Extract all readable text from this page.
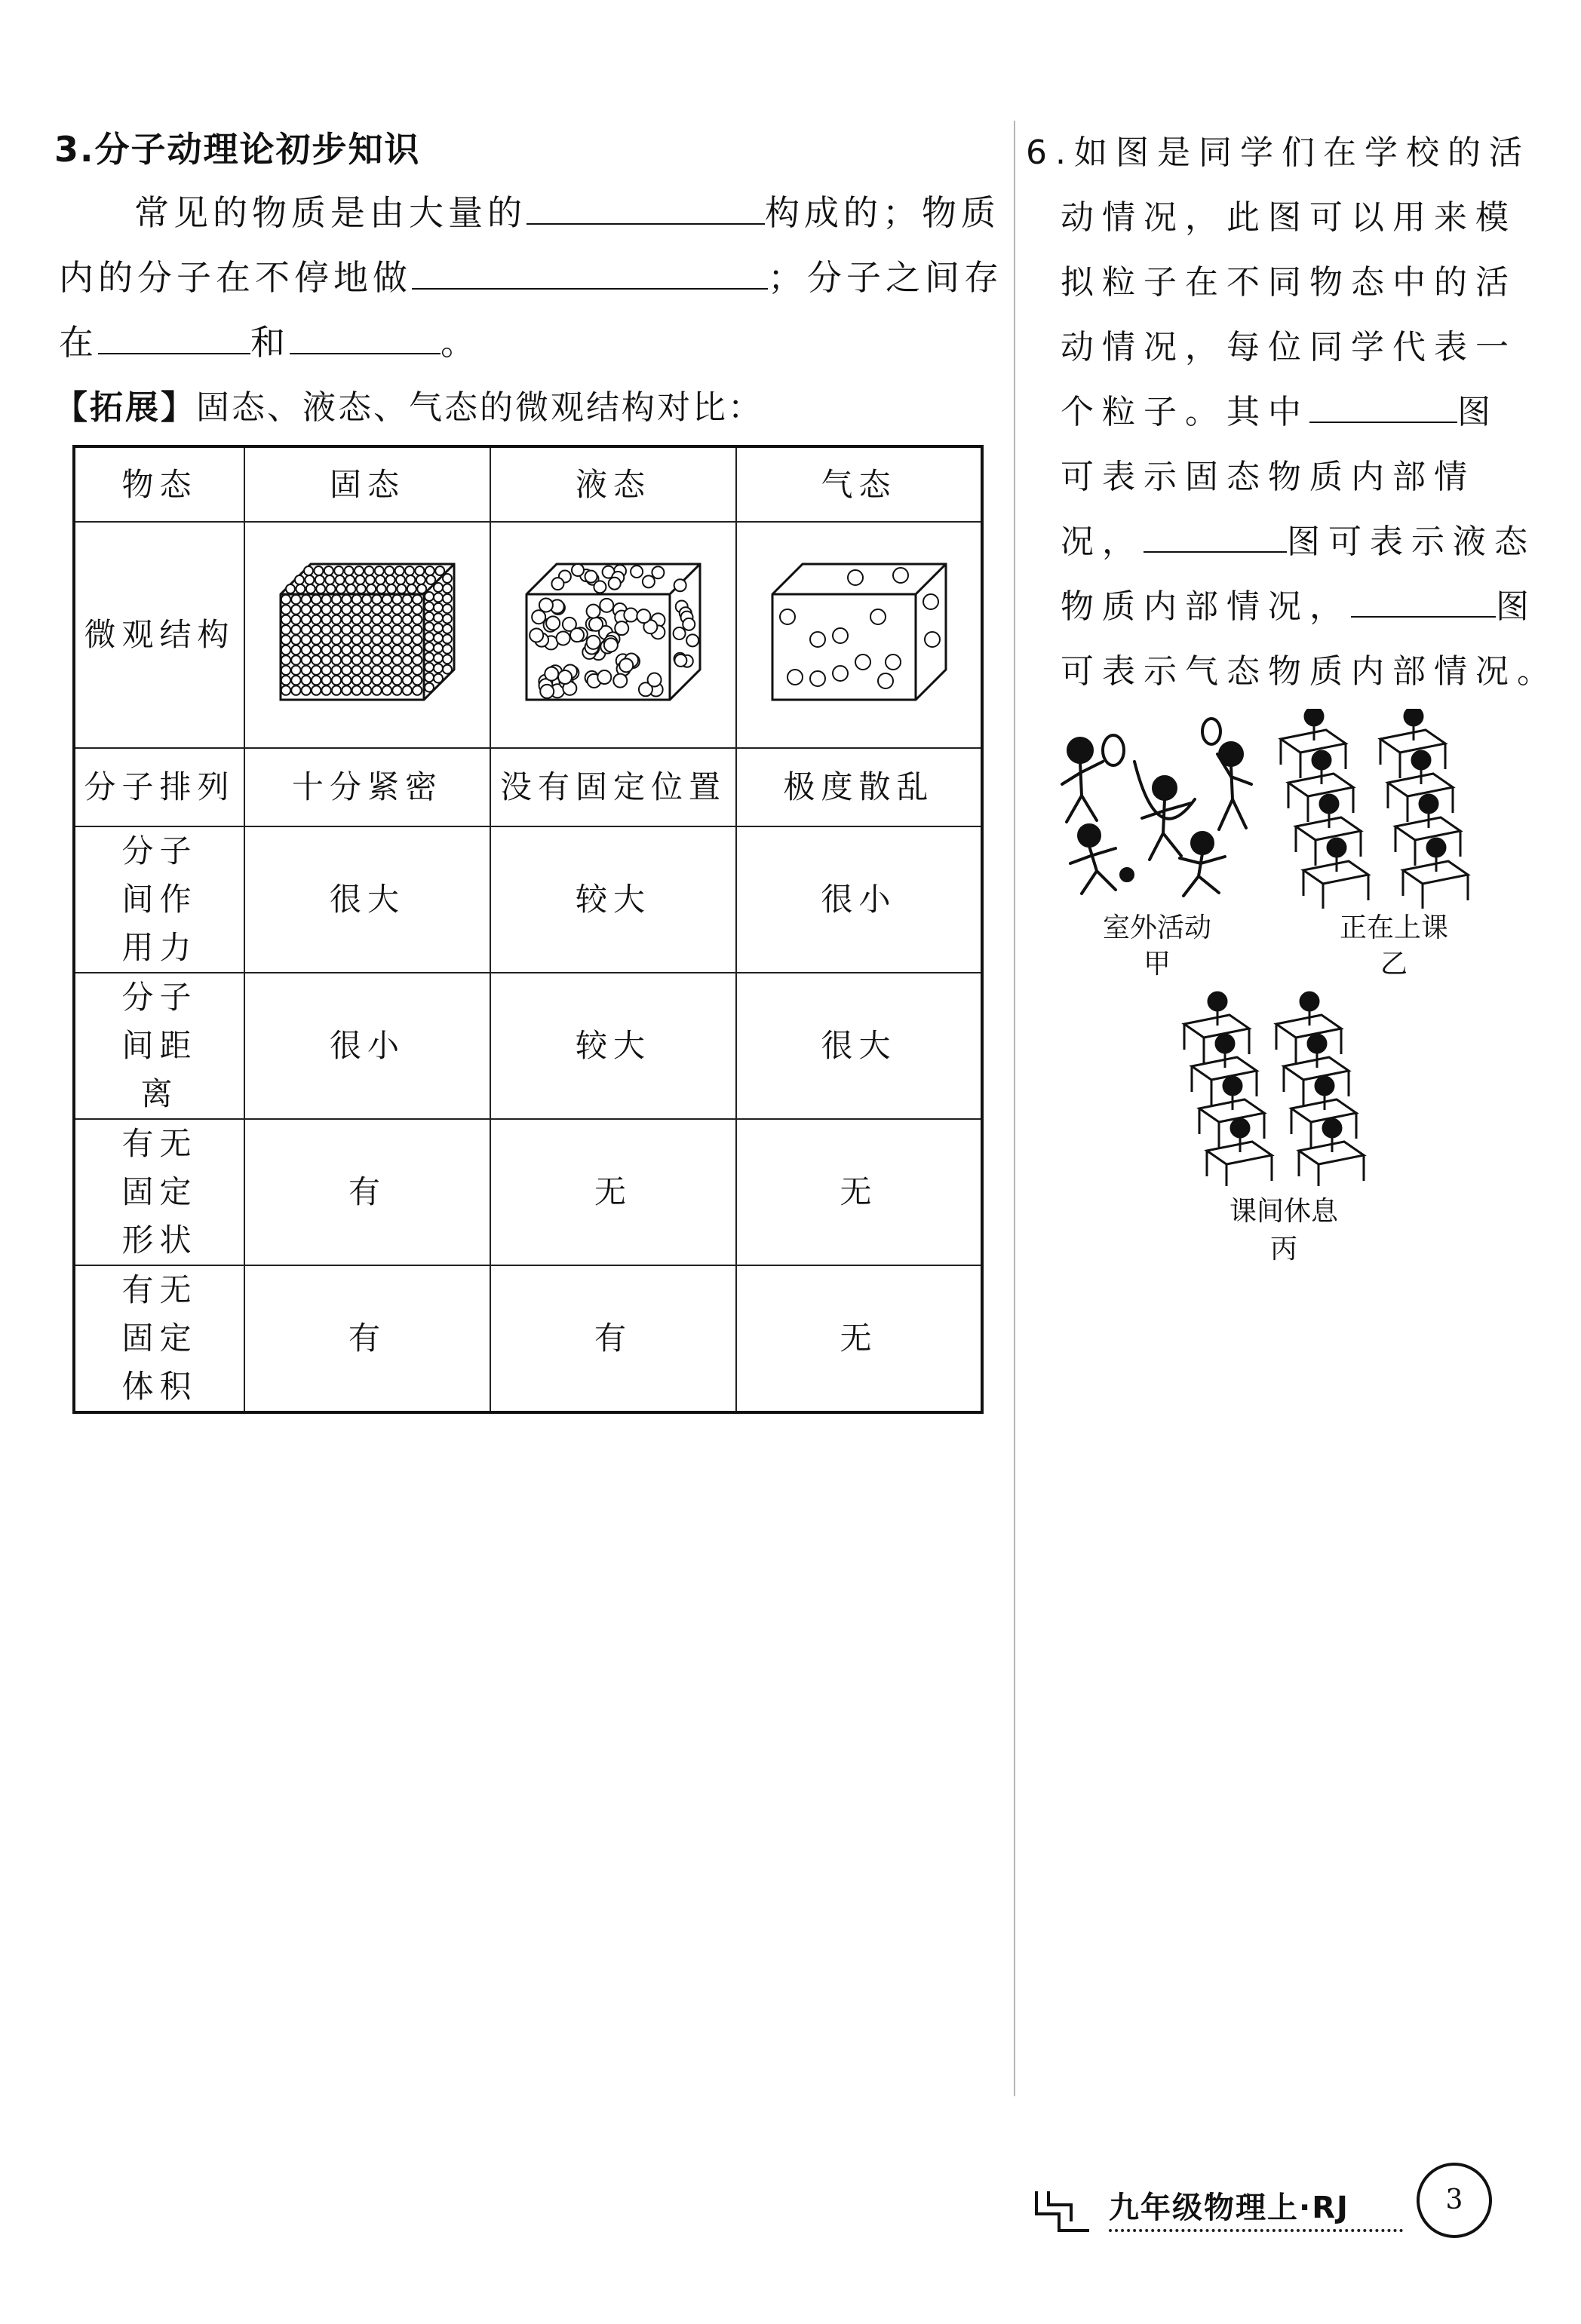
3.分子动理论初步知识
常见的物质是由大量的	构成的；物质
内的分子在不停地做	；分子之间存
在	和	。
【拓展】固态、液态、气态的微观结构对比：
物态	固态	液态	气态
微观结构			
分子排列	十分紧密	没有固定位置	极度散乱
分子间作用力	很大	较大	很小
分子间距离	很小	较大	很大
有无固定形状	有	无	无
有无固定体积	有	有	无
6.如图是同学们在学校的活
动情况，此图可以用来模
拟粒子在不同物态中的活
动情况，每位同学代表一
个粒子。其中	图
可表示固态物质内部情
况，	图可表示液态
物质内部情况，	图
可表示气态物质内部情况。
室外活动
甲
正在上课
乙
课间休息
丙
九年级物理上·RJ	3
